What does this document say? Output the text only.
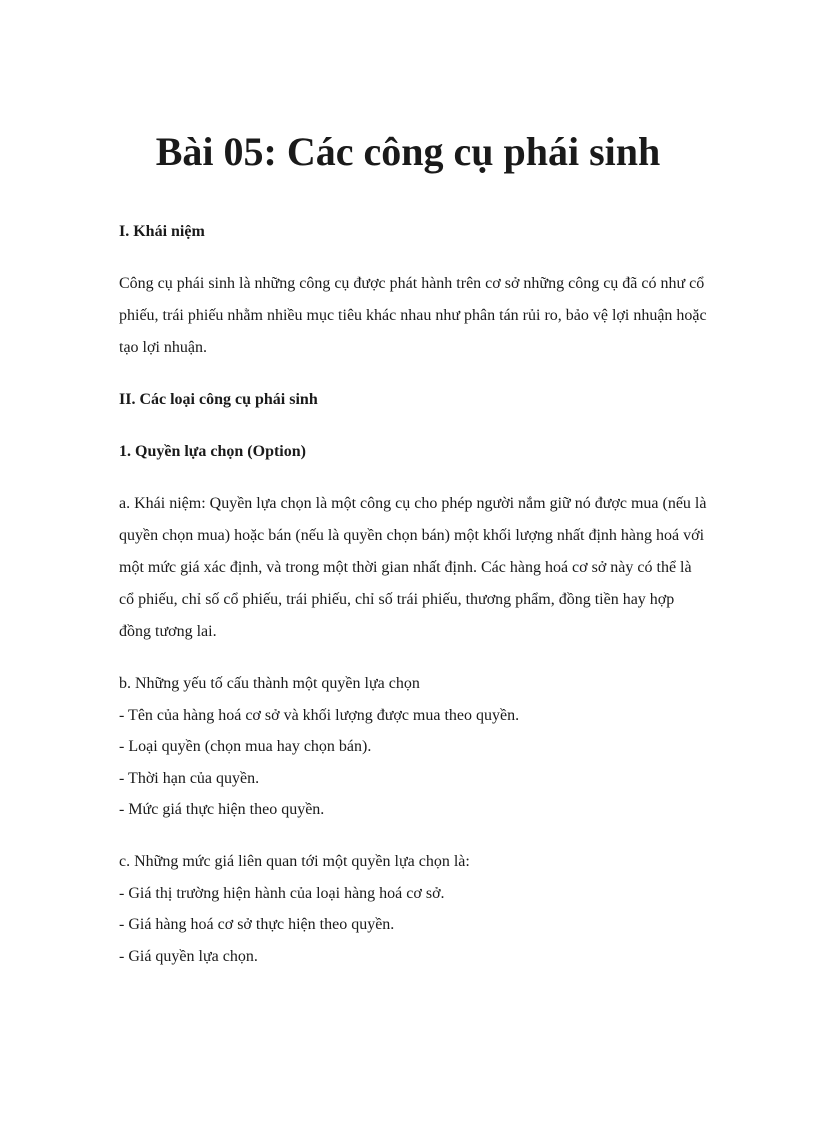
Bài 05: Các công cụ phái sinh
I. Khái niệm

Công cụ phái sinh là những công cụ được phát hành trên cơ sở những công cụ đã có như cổ phiếu, trái phiếu nhằm nhiều mục tiêu khác nhau như phân tán rủi ro, bảo vệ lợi nhuận hoặc tạo lợi nhuận.

II. Các loại công cụ phái sinh
1. Quyền lựa chọn (Option)

a. Khái niệm: Quyền lựa chọn là một công cụ cho phép người nắm giữ nó được mua (nếu là quyền chọn mua) hoặc bán (nếu là quyền chọn bán) một khối lượng nhất định hàng hoá với một mức giá xác định, và trong một thời gian nhất định. Các hàng hoá cơ sở này có thể là cổ phiếu, chỉ số cổ phiếu, trái phiếu, chỉ số trái phiếu, thương phẩm, đồng tiền hay hợp đồng tương lai.

b. Những yếu tố cấu thành một quyền lựa chọn
- Tên của hàng hoá cơ sở và khối lượng được mua theo quyền.
- Loại quyền (chọn mua hay chọn bán).
- Thời hạn của quyền.
- Mức giá thực hiện theo quyền.
c. Những mức giá liên quan tới một quyền lựa chọn là:
- Giá thị trường hiện hành của loại hàng hoá cơ sở.
- Giá hàng hoá cơ sở thực hiện theo quyền.
- Giá quyền lựa chọn.
